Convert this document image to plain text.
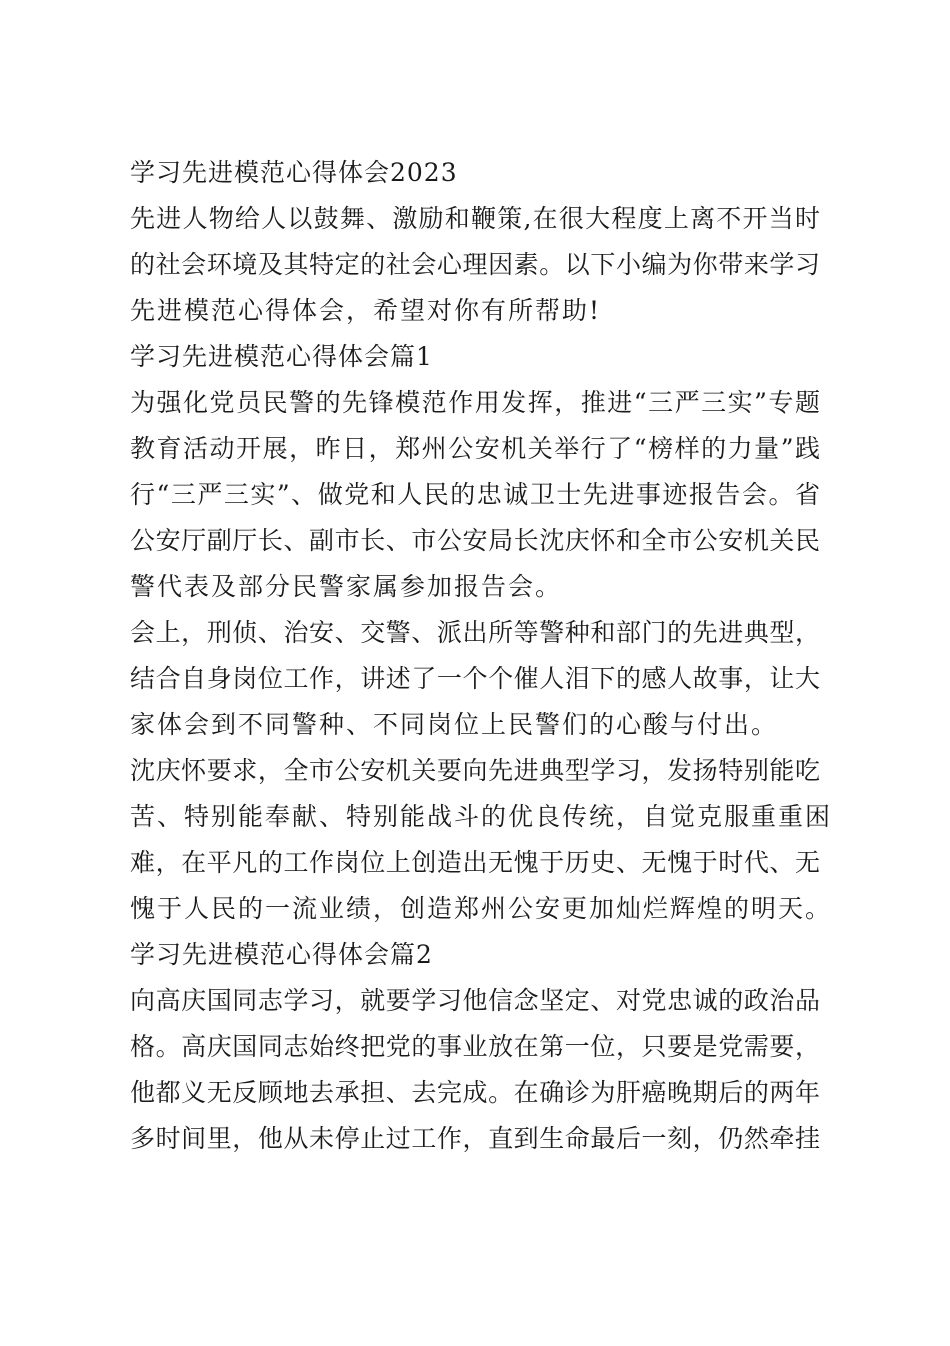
学习先进模范心得体会2023
先进人物给人以鼓舞、激励和鞭策,在很大程度上离不开当时
的社会环境及其特定的社会心理因素。以下小编为你带来学习
先进模范心得体会，希望对你有所帮助!
学习先进模范心得体会篇1
为强化党员民警的先锋模范作用发挥，推进“三严三实”专题
教育活动开展，昨日，郑州公安机关举行了“榜样的力量”践
行“三严三实”、做党和人民的忠诚卫士先进事迹报告会。省
公安厅副厅长、副市长、市公安局长沈庆怀和全市公安机关民
警代表及部分民警家属参加报告会。
会上，刑侦、治安、交警、派出所等警种和部门的先进典型，
结合自身岗位工作，讲述了一个个催人泪下的感人故事，让大
家体会到不同警种、不同岗位上民警们的心酸与付出。
沈庆怀要求，全市公安机关要向先进典型学习，发扬特别能吃
苦、特别能奉献、特别能战斗的优良传统，自觉克服重重困
难，在平凡的工作岗位上创造出无愧于历史、无愧于时代、无
愧于人民的一流业绩，创造郑州公安更加灿烂辉煌的明天。
学习先进模范心得体会篇2
向高庆国同志学习，就要学习他信念坚定、对党忠诚的政治品
格。高庆国同志始终把党的事业放在第一位，只要是党需要，
他都义无反顾地去承担、去完成。在确诊为肝癌晚期后的两年
多时间里，他从未停止过工作，直到生命最后一刻，仍然牵挂
